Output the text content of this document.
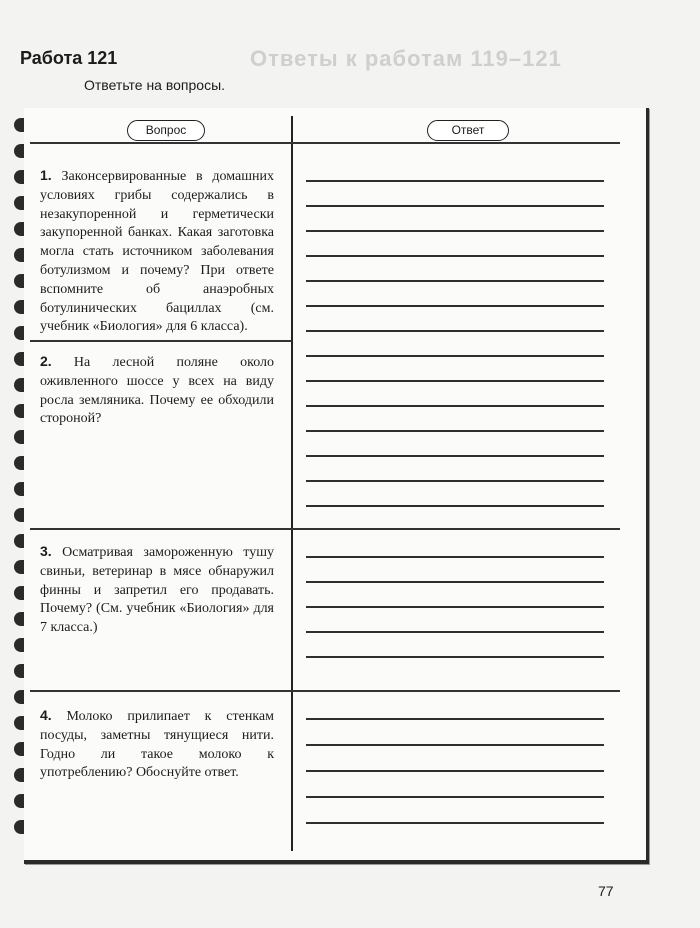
Ответы к работам 119–121
Работа 121
Ответьте на вопросы.
Вопрос	Ответ
1. Законсервированные в домашних условиях грибы содержались в незакупоренной и герметически закупоренной банках. Какая заготовка могла стать источником заболевания ботулизмом и почему? При ответе вспомните об анаэробных ботулинических бациллах (см. учебник «Биология» для 6 класса).
2. На лесной поляне около оживленного шоссе у всех на виду росла земляника. Почему ее обходили стороной?
3. Осматривая замороженную тушу свиньи, ветеринар в мясе обнаружил финны и запретил его продавать. Почему? (См. учебник «Биология» для 7 класса.)
4. Молоко прилипает к стенкам посуды, заметны тянущиеся нити. Годно ли такое молоко к употреблению? Обоснуйте ответ.
77
